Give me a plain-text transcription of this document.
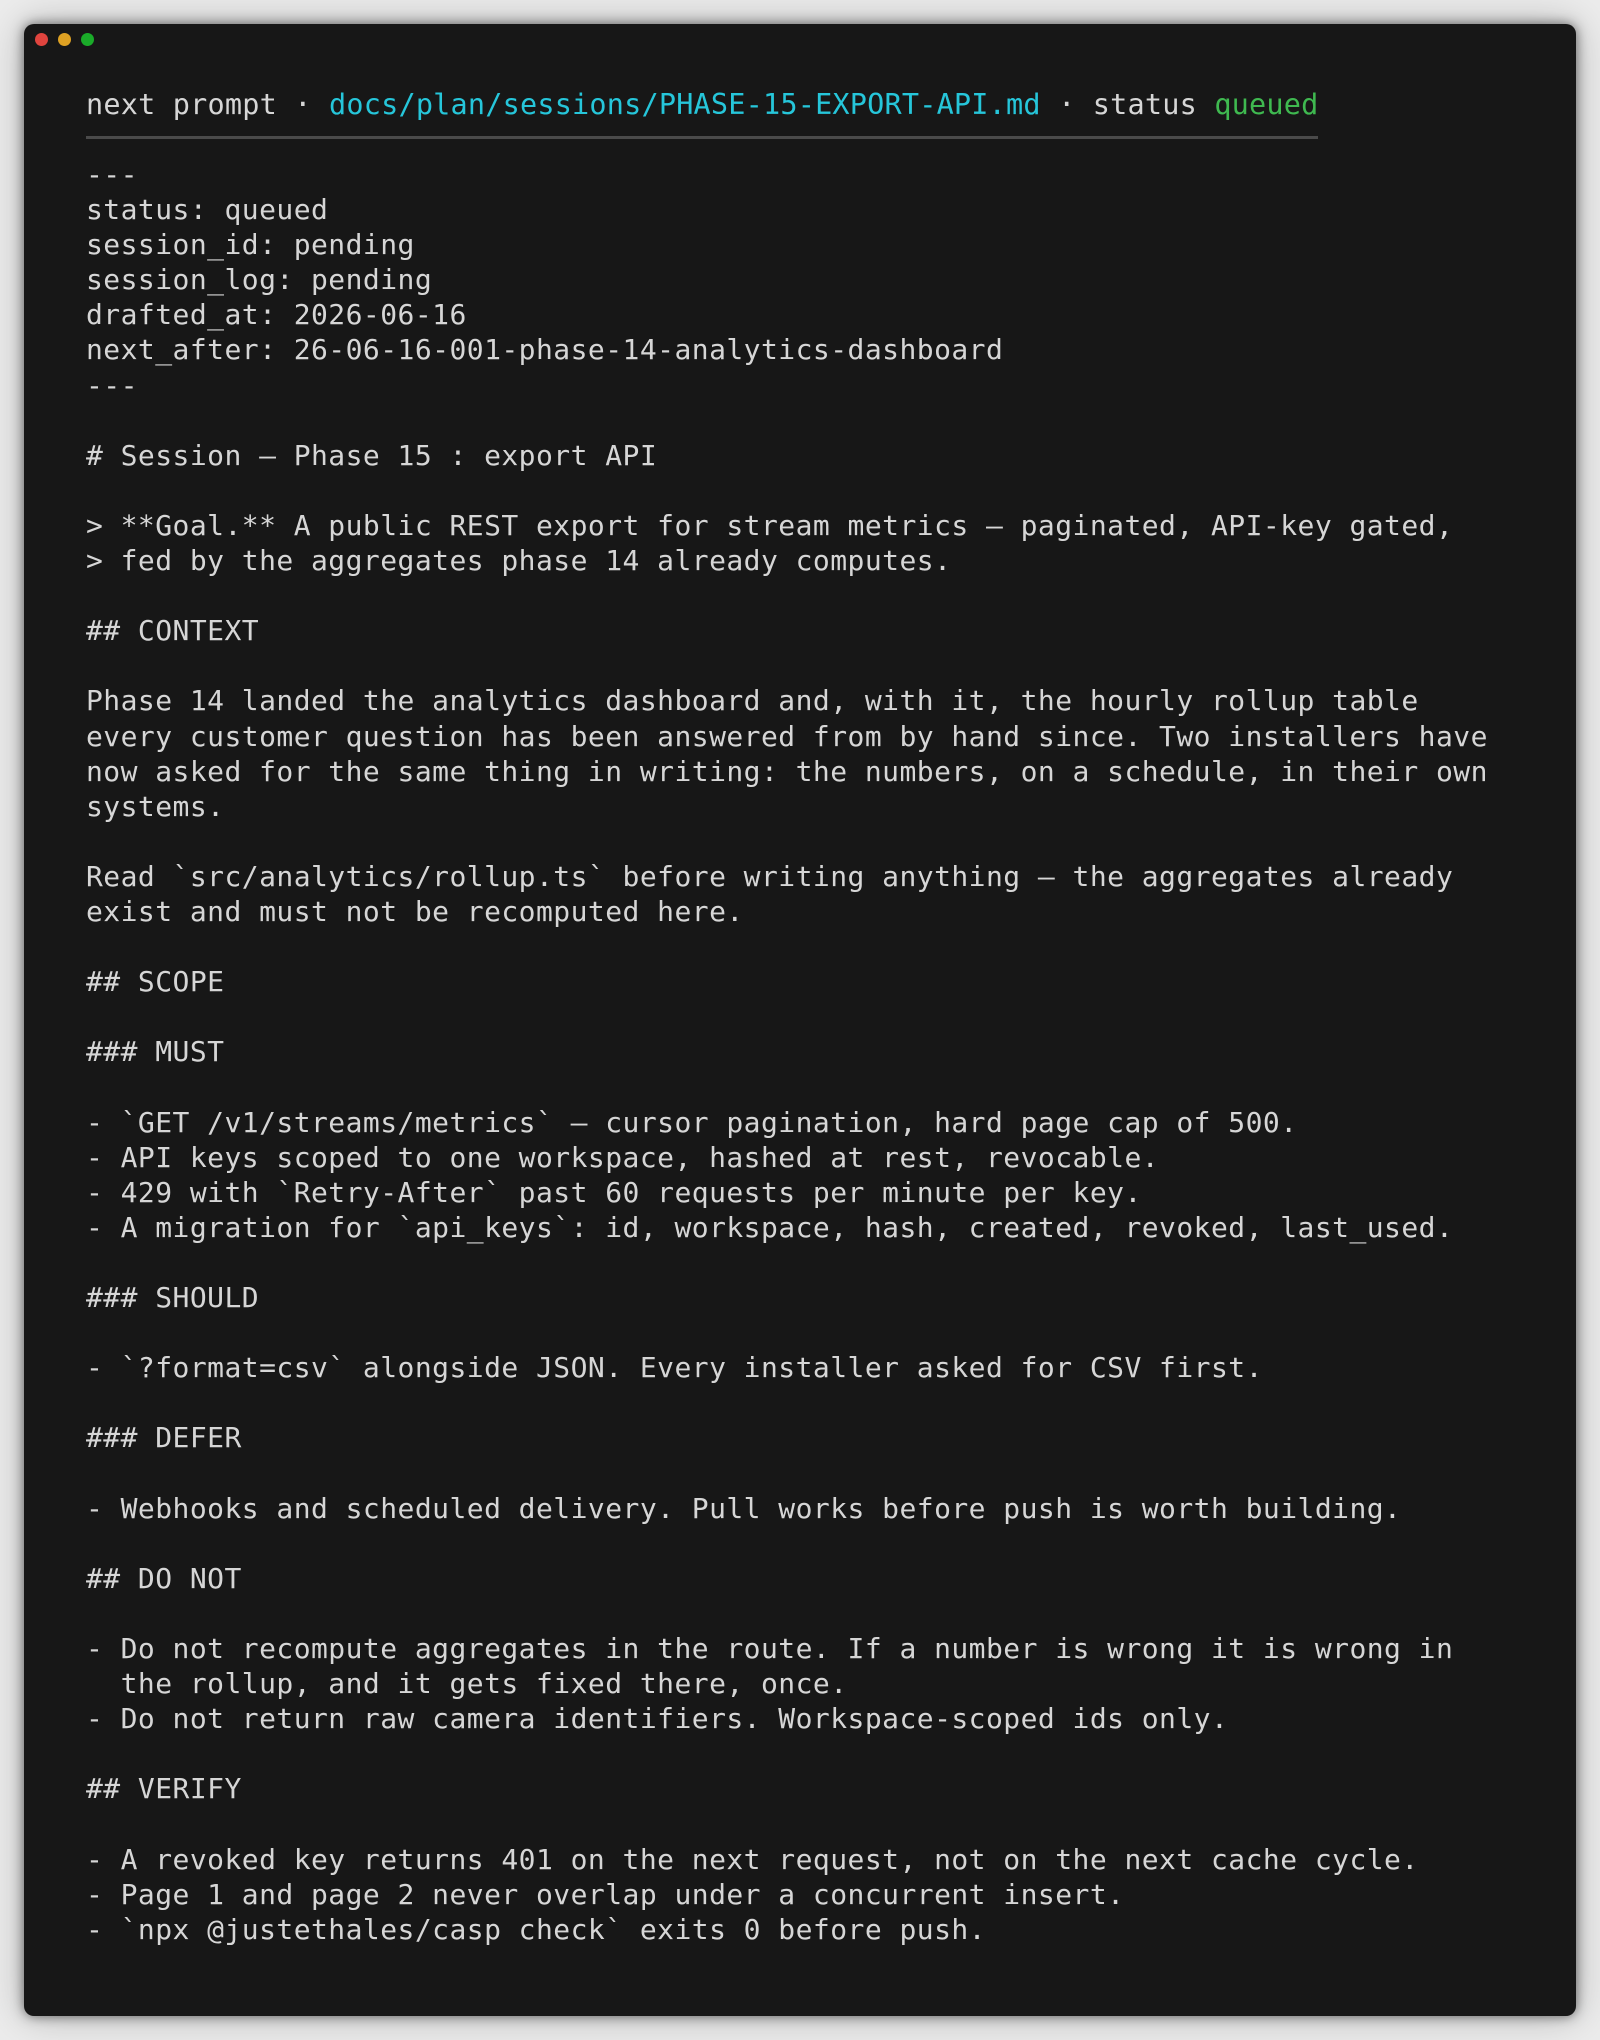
next prompt · docs/plan/sessions/PHASE-15-EXPORT-API.md · status queued
---
status: queued
session_id: pending
session_log: pending
drafted_at: 2026-06-16
next_after: 26-06-16-001-phase-14-analytics-dashboard
---
# Session — Phase 15 : export API
> **Goal.** A public REST export for stream metrics — paginated, API-key gated,
> fed by the aggregates phase 14 already computes.
## CONTEXT
Phase 14 landed the analytics dashboard and, with it, the hourly rollup table
every customer question has been answered from by hand since. Two installers have
now asked for the same thing in writing: the numbers, on a schedule, in their own
systems.
Read `src/analytics/rollup.ts` before writing anything — the aggregates already
exist and must not be recomputed here.
## SCOPE
### MUST
- `GET /v1/streams/metrics` — cursor pagination, hard page cap of 500.
- API keys scoped to one workspace, hashed at rest, revocable.
- 429 with `Retry-After` past 60 requests per minute per key.
- A migration for `api_keys`: id, workspace, hash, created, revoked, last_used.
### SHOULD
- `?format=csv` alongside JSON. Every installer asked for CSV first.
### DEFER
- Webhooks and scheduled delivery. Pull works before push is worth building.
## DO NOT
- Do not recompute aggregates in the route. If a number is wrong it is wrong in
the rollup, and it gets fixed there, once.
- Do not return raw camera identifiers. Workspace-scoped ids only.
## VERIFY
- A revoked key returns 401 on the next request, not on the next cache cycle.
- Page 1 and page 2 never overlap under a concurrent insert.
- `npx @justethales/casp check` exits 0 before push.
